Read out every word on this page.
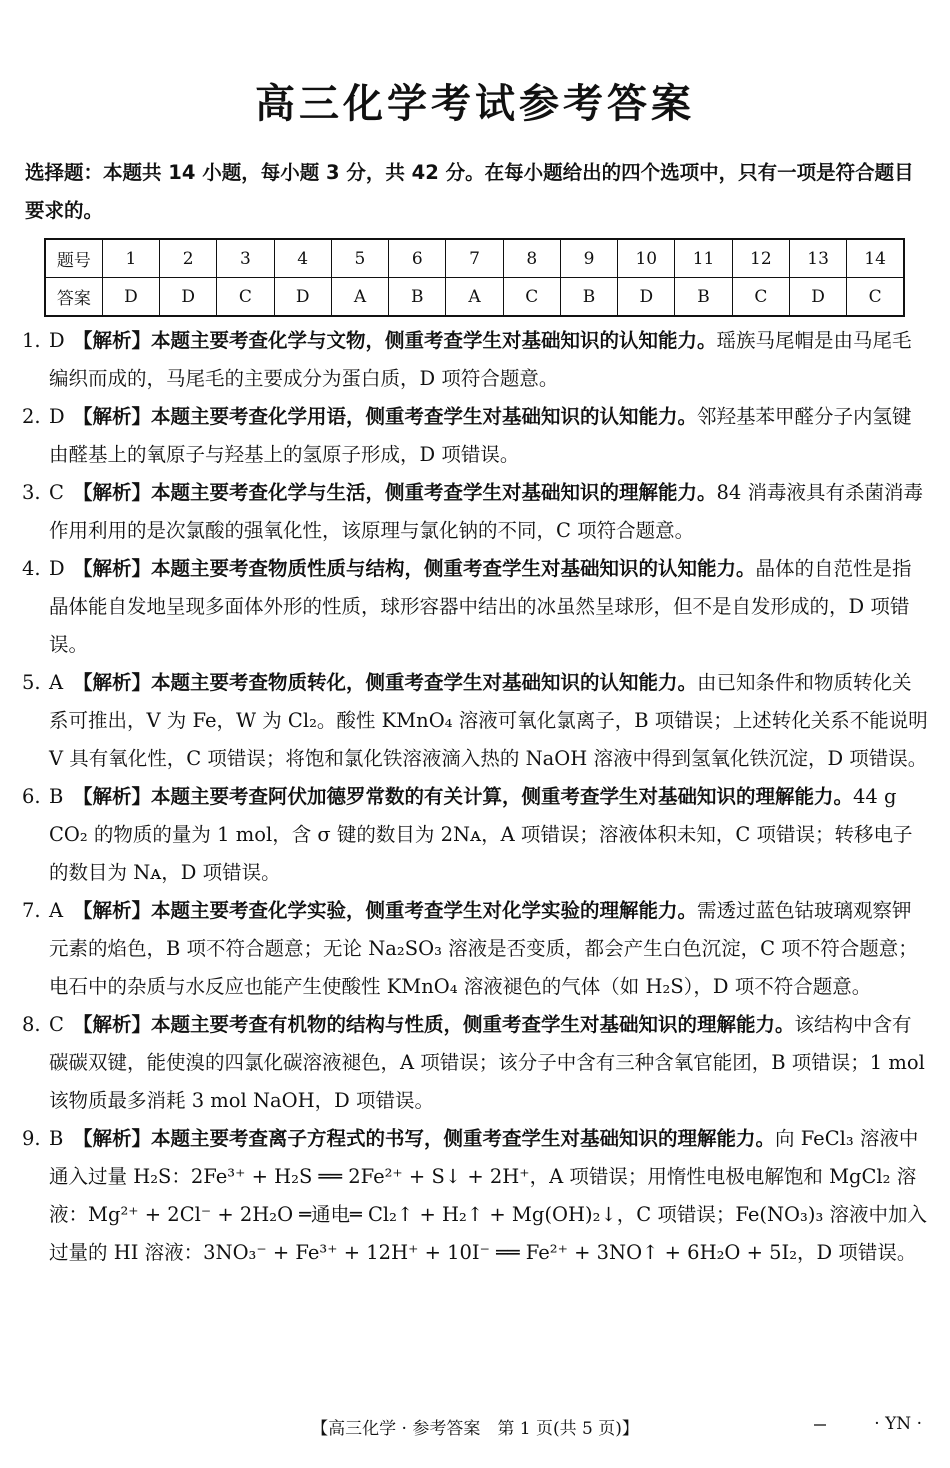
高三化学考试参考答案
选择题：本题共 14 小题，每小题 3 分，共 42 分。在每小题给出的四个选项中，只有一项是符合题目要求的。
题号	1	2	3	4	5	6	7	8	9	10	11	12	13	14
答案	D	D	C	D	A	B	A	C	B	D	B	C	D	C

1. D 【解析】本题主要考查化学与文物，侧重考查学生对基础知识的认知能力。瑶族马尾帽是由马尾毛编织而成的，马尾毛的主要成分为蛋白质，D 项符合题意。

2. D 【解析】本题主要考查化学用语，侧重考查学生对基础知识的认知能力。邻羟基苯甲醛分子内氢键由醛基上的氧原子与羟基上的氢原子形成，D 项错误。

3. C 【解析】本题主要考查化学与生活，侧重考查学生对基础知识的理解能力。84 消毒液具有杀菌消毒作用利用的是次氯酸的强氧化性，该原理与氯化钠的不同，C 项符合题意。

4. D 【解析】本题主要考查物质性质与结构，侧重考查学生对基础知识的认知能力。晶体的自范性是指晶体能自发地呈现多面体外形的性质，球形容器中结出的冰虽然呈球形，但不是自发形成的，D 项错误。

5. A 【解析】本题主要考查物质转化，侧重考查学生对基础知识的认知能力。由已知条件和物质转化关系可推出，V 为 Fe，W 为 Cl₂。酸性 KMnO₄ 溶液可氧化氯离子，B 项错误；上述转化关系不能说明 V 具有氧化性，C 项错误；将饱和氯化铁溶液滴入热的 NaOH 溶液中得到氢氧化铁沉淀，D 项错误。

6. B 【解析】本题主要考查阿伏加德罗常数的有关计算，侧重考查学生对基础知识的理解能力。44 g CO₂ 的物质的量为 1 mol，含 σ 键的数目为 2Nᴀ，A 项错误；溶液体积未知，C 项错误；转移电子的数目为 Nᴀ，D 项错误。

7. A 【解析】本题主要考查化学实验，侧重考查学生对化学实验的理解能力。需透过蓝色钴玻璃观察钾元素的焰色，B 项不符合题意；无论 Na₂SO₃ 溶液是否变质，都会产生白色沉淀，C 项不符合题意；电石中的杂质与水反应也能产生使酸性 KMnO₄ 溶液褪色的气体（如 H₂S），D 项不符合题意。

8. C 【解析】本题主要考查有机物的结构与性质，侧重考查学生对基础知识的理解能力。该结构中含有碳碳双键，能使溴的四氯化碳溶液褪色，A 项错误；该分子中含有三种含氧官能团，B 项错误；1 mol 该物质最多消耗 3 mol NaOH，D 项错误。

9. B 【解析】本题主要考查离子方程式的书写，侧重考查学生对基础知识的理解能力。向 FeCl₃ 溶液中通入过量 H₂S：2Fe³⁺ + H₂S ══ 2Fe²⁺ + S↓ + 2H⁺，A 项错误；用惰性电极电解饱和 MgCl₂ 溶液：Mg²⁺ + 2Cl⁻ + 2H₂O ═通电═ Cl₂↑ + H₂↑ + Mg(OH)₂↓，C 项错误；Fe(NO₃)₃ 溶液中加入过量的 HI 溶液：3NO₃⁻ + Fe³⁺ + 12H⁺ + 10I⁻ ══ Fe²⁺ + 3NO↑ + 6H₂O + 5I₂，D 项错误。

【高三化学 · 参考答案　第 1 页(共 5 页)】	· YN ·
